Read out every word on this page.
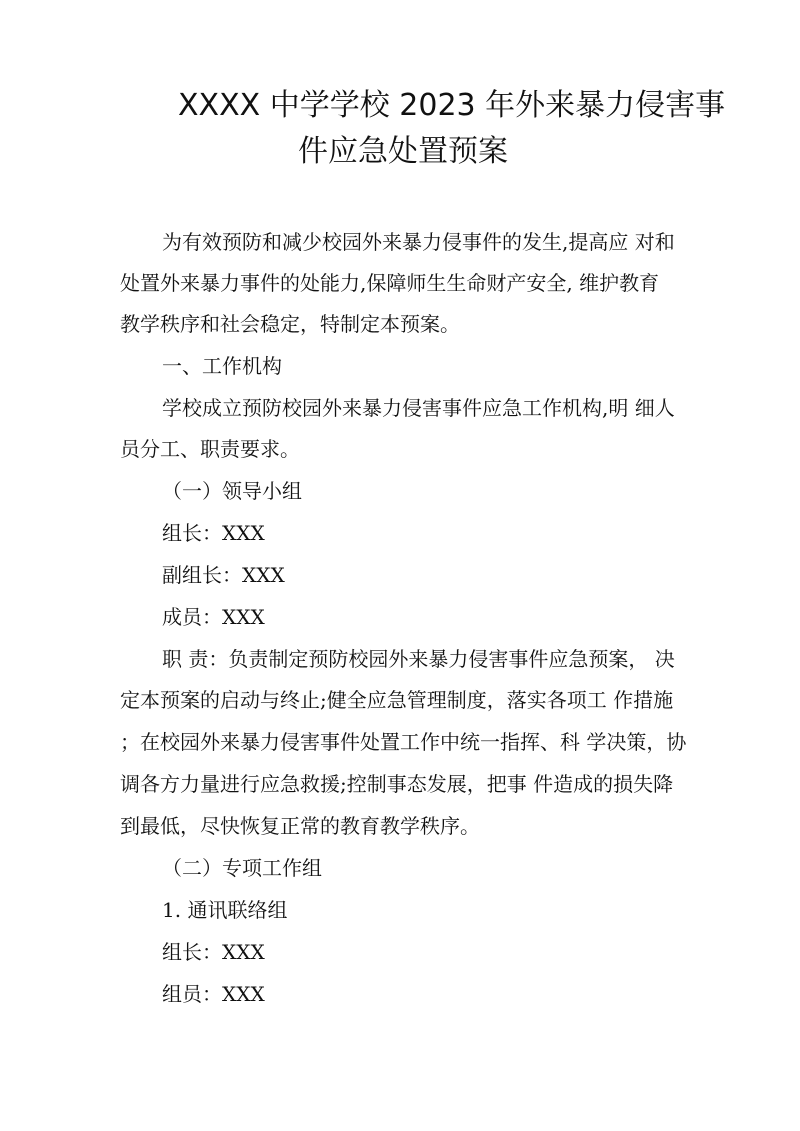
XXXX 中学学校 2023 年外来暴力侵害事
件应急处置预案
为有效预防和减少校园外来暴力侵事件的发生,提高应 对和
处置外来暴力事件的处能力,保障师生生命财产安全, 维护教育
教学秩序和社会稳定，特制定本预案。
一、工作机构
学校成立预防校园外来暴力侵害事件应急工作机构,明 细人
员分工、职责要求。
（一）领导小组
组长：XXX
副组长：XXX
成员：XXX
职 责：负责制定预防校园外来暴力侵害事件应急预案， 决
定本预案的启动与终止;健全应急管理制度，落实各项工 作措施
；在校园外来暴力侵害事件处置工作中统一指挥、科 学决策，协
调各方力量进行应急救援;控制事态发展，把事 件造成的损失降
到最低，尽快恢复正常的教育教学秩序。
（二）专项工作组
1. 通讯联络组
组长：XXX
组员：XXX
